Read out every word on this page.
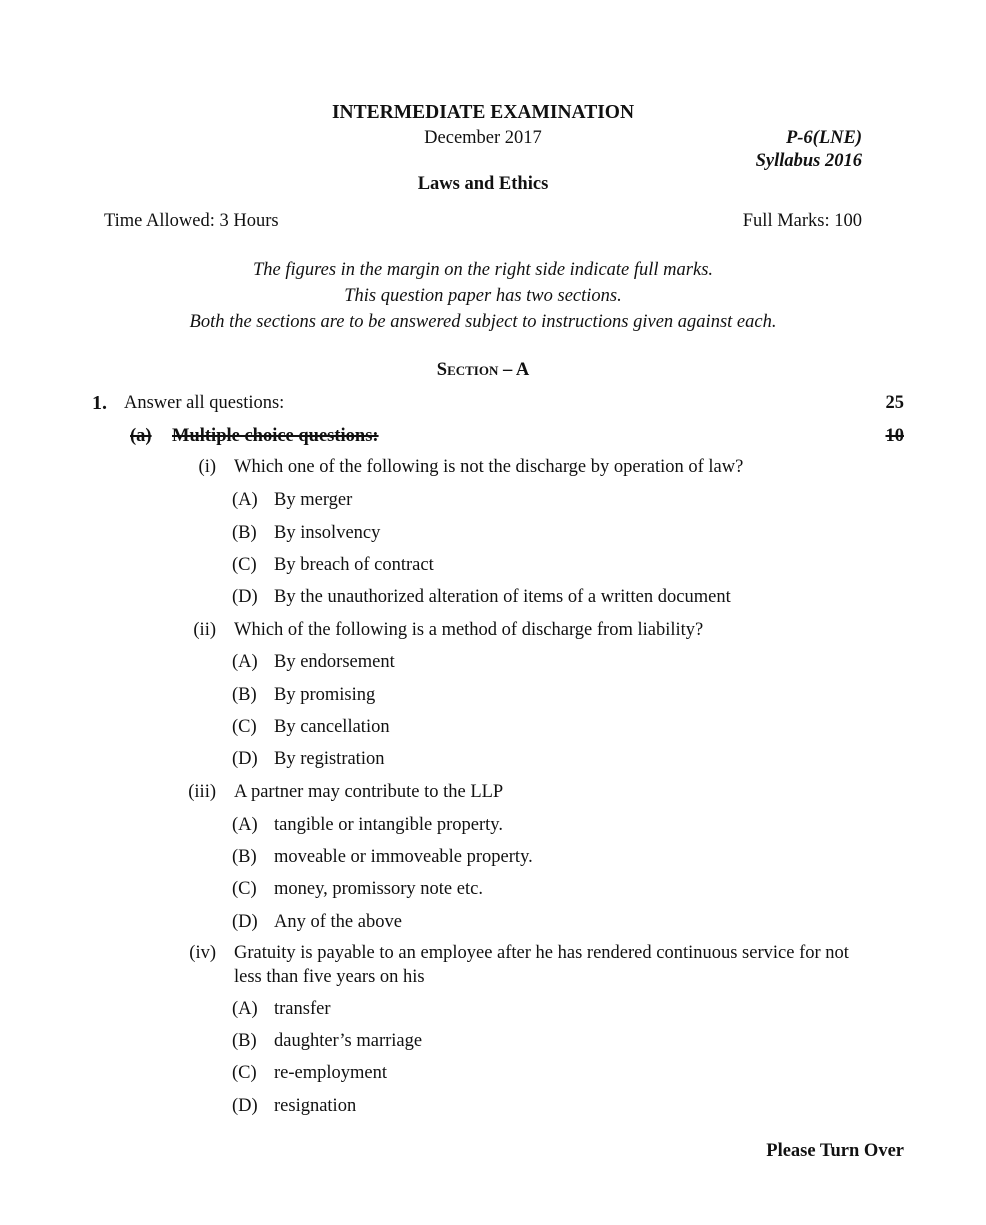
INTERMEDIATE EXAMINATION
December 2017	P-6(LNE)
Syllabus 2016
Laws and Ethics
Time Allowed: 3 Hours	Full Marks: 100
The figures in the margin on the right side indicate full marks.
This question paper has two sections.
Both the sections are to be answered subject to instructions given against each.
Section – A
1. Answer all questions:	25
(a) Multiple choice questions:	10
(i) Which one of the following is not the discharge by operation of law?
(A) By merger
(B) By insolvency
(C) By breach of contract
(D) By the unauthorized alteration of items of a written document
(ii) Which of the following is a method of discharge from liability?
(A) By endorsement
(B) By promising
(C) By cancellation
(D) By registration
(iii) A partner may contribute to the LLP
(A) tangible or intangible property.
(B) moveable or immoveable property.
(C) money, promissory note etc.
(D) Any of the above
(iv) Gratuity is payable to an employee after he has rendered continuous service for not
less than five years on his
(A) transfer
(B) daughter’s marriage
(C) re-employment
(D) resignation
Please Turn Over
